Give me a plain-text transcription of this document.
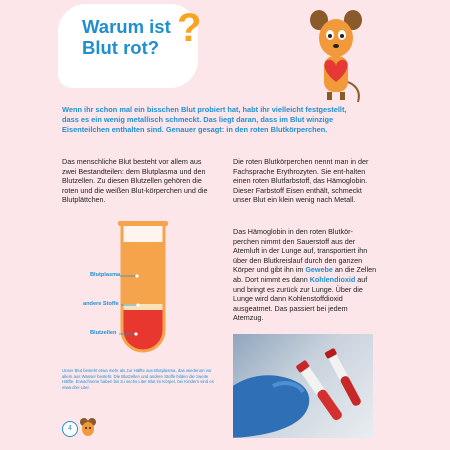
Warum ist Blut rot? ?

Wenn ihr schon mal ein bisschen Blut probiert hat, habt ihr vielleicht festgestellt, dass es ein wenig metallisch schmeckt. Das liegt daran, dass im Blut winzige Eisenteilchen enthalten sind. Genauer gesagt: in den roten Blutkörperchen.

Das menschliche Blut besteht vor allem aus zwei Bestandteilen: dem Blutplasma und den Blutzellen. Zu diesen Blutzellen gehören die roten und die weißen Blut-körperchen und die Blutplättchen.

Die roten Blutkörperchen nennt man in der Fachsprache Erythrozyten. Sie ent-halten einen roten Blutfarbstoff, das Hämoglobin. Dieser Farbstoff Eisen enthält, schmeckt unser Blut ein klein wenig nach Metall.

Das Hämoglobin in den roten Blutkör-perchen nimmt den Sauerstoff aus der Atemluft in der Lunge auf, transportiert ihn über den Blutkreislauf durch den ganzen Körper und gibt ihn im Gewebe an die Zellen ab. Dort nimmt es dann Kohlendioxid auf und bringt es zurück zur Lunge. Über die Lunge wird dann Kohlenstoffdioxid ausgeatmet. Das passiert bei jedem Atemzug.

Blutplasma
andere Stoffe
Blutzellen

Unser Blut besteht etwa mehr als zur Hälfte aus Blutplasma, das wiederum vor allem aus Wasser besteht. Die Blutzellen und andere Stoffe bilden die zweite Hälfte. Erwachsene haben bis zu sechs Liter Blut im Körper, bei Kindern sind es etwa drei Liter.

4
